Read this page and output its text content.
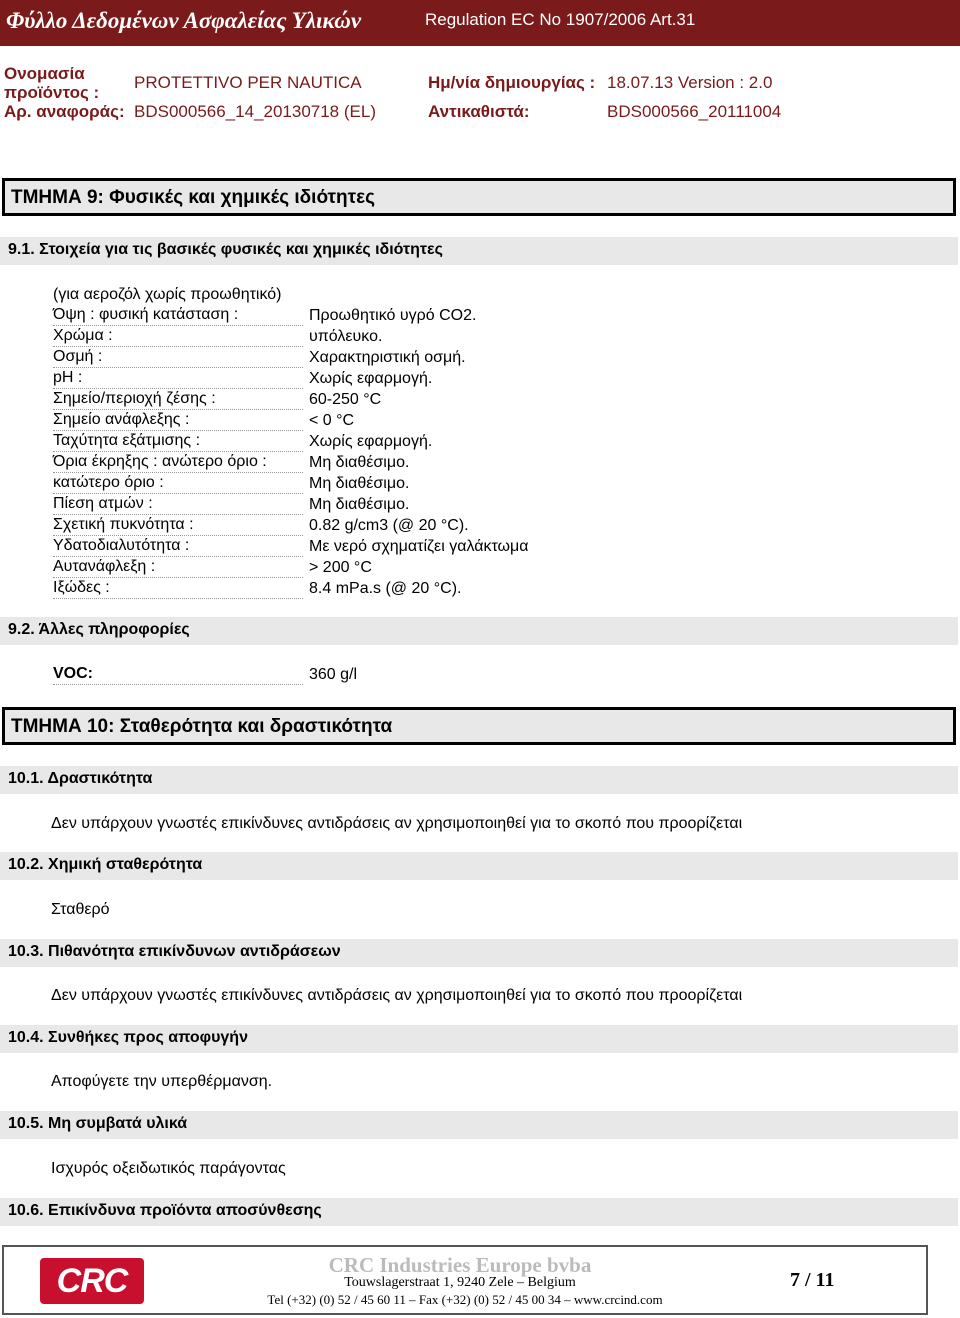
Φύλλο Δεδομένων Ασφαλείας Υλικών	Regulation EC No 1907/2006 Art.31
Ονομασία
προϊόντος :
PROTETTIVO PER NAUTICA	Ημ/νία δημιουργίας : 18.07.13 Version : 2.0
Αρ. αναφοράς: BDS000566_14_20130718 (EL)	Αντικαθιστά:	BDS000566_20111004
ΤΜΗΜΑ 9: Φυσικές και χημικές ιδιότητες
9.1. Στοιχεία για τις βασικές φυσικές και χημικές ιδιότητες
(για αεροζόλ χωρίς προωθητικό)
Όψη : φυσική κατάσταση :	Προωθητικό υγρό CO2.
Χρώμα :	υπόλευκο.
Οσμή :	Χαρακτηριστική οσμή.
pH :	Χωρίς εφαρμογή.
Σημείο/περιοχή ζέσης :	60-250 °C
Σημείο ανάφλεξης :	< 0 °C
Ταχύτητα εξάτμισης :	Χωρίς εφαρμογή.
Όρια έκρηξης : ανώτερο όριο :	Μη διαθέσιμο.
κατώτερο όριο :	Μη διαθέσιμο.
Πίεση ατμών :	Μη διαθέσιμο.
Σχετική πυκνότητα :	0.82 g/cm3 (@ 20 °C).
Υδατοδιαλυτότητα :	Με νερό σχηματίζει γαλάκτωμα
Αυτανάφλεξη :	> 200 °C
Ιξώδες :	8.4 mPa.s (@ 20 °C).
9.2. Άλλες πληροφορίες
VOC:	360 g/l
ΤΜΗΜΑ 10: Σταθερότητα και δραστικότητα
10.1. Δραστικότητα
Δεν υπάρχουν γνωστές επικίνδυνες αντιδράσεις αν χρησιμοποιηθεί για το σκοπό που προορίζεται
10.2. Χημική σταθερότητα
Σταθερό
10.3. Πιθανότητα επικίνδυνων αντιδράσεων
Δεν υπάρχουν γνωστές επικίνδυνες αντιδράσεις αν χρησιμοποιηθεί για το σκοπό που προορίζεται
10.4. Συνθήκες προς αποφυγήν
Αποφύγετε την υπερθέρμανση.
10.5. Μη συμβατά υλικά
Ισχυρός οξειδωτικός παράγοντας
10.6. Επικίνδυνα προϊόντα αποσύνθεσης
CRC	CRC Industries Europe bvba
Touwslagerstraat 1, 9240 Zele – Belgium
Tel (+32) (0) 52 / 45 60 11 – Fax (+32) (0) 52 / 45 00 34 – www.crcind.com
7 / 11
